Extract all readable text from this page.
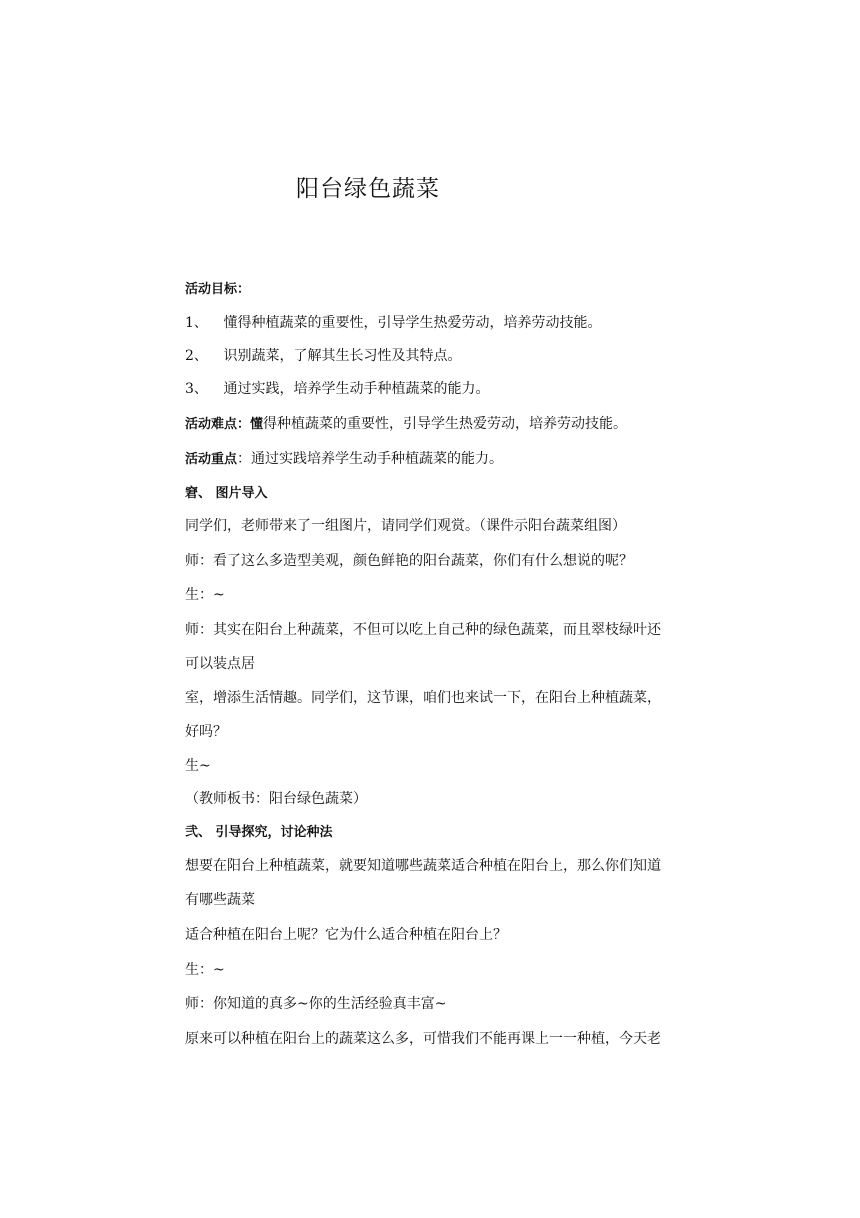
阳台绿色蔬菜
活动目标：
1、 懂得种植蔬菜的重要性，引导学生热爱劳动，培养劳动技能。
2、 识别蔬菜，了解其生长习性及其特点。
3、 通过实践，培养学生动手种植蔬菜的能力。
活动难点：懂得种植蔬菜的重要性，引导学生热爱劳动，培养劳动技能。
活动重点：通过实践培养学生动手种植蔬菜的能力。
窘、 图片导入
同学们，老师带来了一组图片，请同学们观赏。（课件示阳台蔬菜组图）
师：看了这么多造型美观，颜色鲜艳的阳台蔬菜，你们有什么想说的呢？
生：~
师：其实在阳台上种蔬菜，不但可以吃上自己种的绿色蔬菜，而且翠枝绿叶还
可以装点居
室，增添生活情趣。同学们，这节课，咱们也来试一下，在阳台上种植蔬菜，
好吗？
生~
（教师板书：阳台绿色蔬菜）
弐、 引导探究，讨论种法
想要在阳台上种植蔬菜，就要知道哪些蔬菜适合种植在阳台上，那么你们知道
有哪些蔬菜
适合种植在阳台上呢？它为什么适合种植在阳台上？
生：~
师：你知道的真多~你的生活经验真丰富~
原来可以种植在阳台上的蔬菜这么多，可惜我们不能再课上一一种植，今天老
